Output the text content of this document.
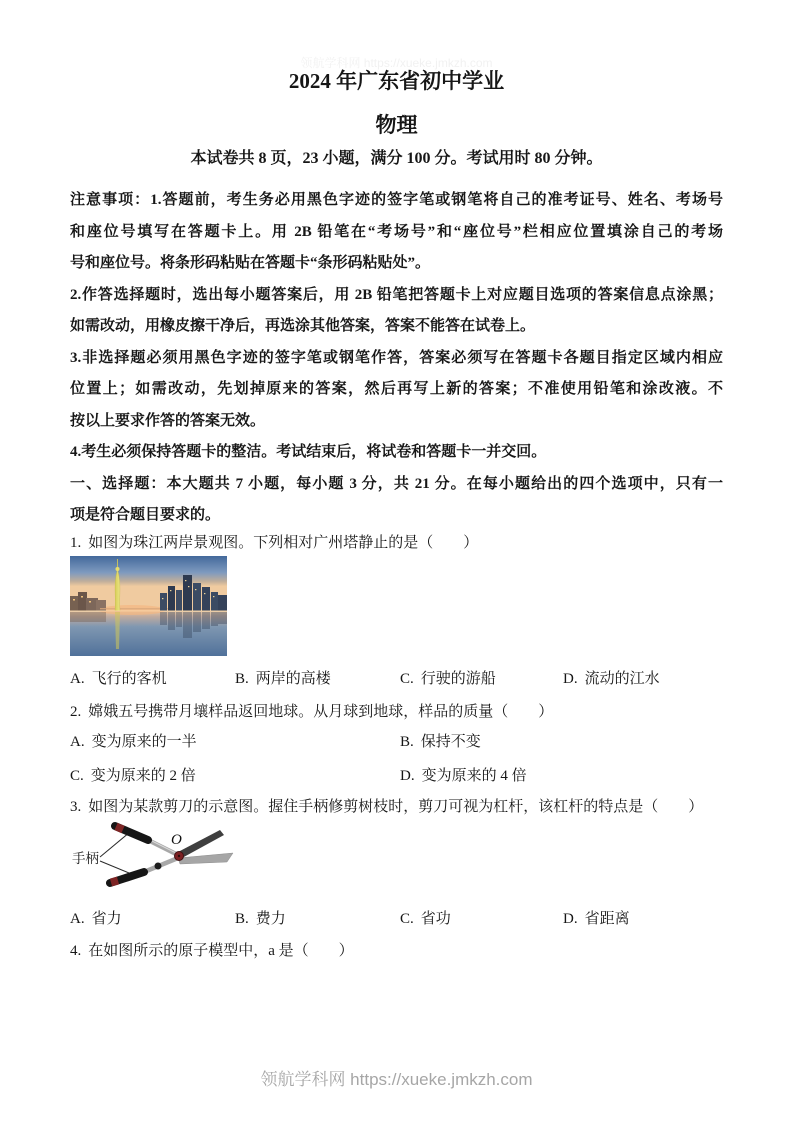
领航学科网 https://xueke.jmkzh.com
2024 年广东省初中学业
物理
本试卷共 8 页，23 小题，满分 100 分。考试用时 80 分钟。
注意事项：1.答题前，考生务必用黑色字迹的签字笔或钢笔将自己的准考证号、姓名、考场号
和座位号填写在答题卡上。用 2B 铅笔在“考场号”和“座位号”栏相应位置填涂自己的考场
号和座位号。将条形码粘贴在答题卡“条形码粘贴处”。
2.作答选择题时，选出每小题答案后，用 2B 铅笔把答题卡上对应题目选项的答案信息点涂黑；
如需改动，用橡皮擦干净后，再选涂其他答案，答案不能答在试卷上。
3.非选择题必须用黑色字迹的签字笔或钢笔作答，答案必须写在答题卡各题目指定区域内相应
位置上；如需改动，先划掉原来的答案，然后再写上新的答案；不准使用铅笔和涂改液。不
按以上要求作答的答案无效。
4.考生必须保持答题卡的整洁。考试结束后，将试卷和答题卡一并交回。
一、选择题：本大题共 7 小题，每小题 3 分，共 21 分。在每小题给出的四个选项中，只有一
项是符合题目要求的。
1. 如图为珠江两岸景观图。下列相对广州塔静止的是（　　）
A. 飞行的客机	B. 两岸的高楼	C. 行驶的游船	D. 流动的江水
2. 嫦娥五号携带月壤样品返回地球。从月球到地球，样品的质量（　　）
A. 变为原来的一半	B. 保持不变
C. 变为原来的 2 倍	D. 变为原来的 4 倍
3. 如图为某款剪刀的示意图。握住手柄修剪树枝时，剪刀可视为杠杆，该杠杆的特点是（　　）
手柄
O
A. 省力	B. 费力	C. 省功	D. 省距离
4. 在如图所示的原子模型中，a 是（　　）
领航学科网 https://xueke.jmkzh.com
